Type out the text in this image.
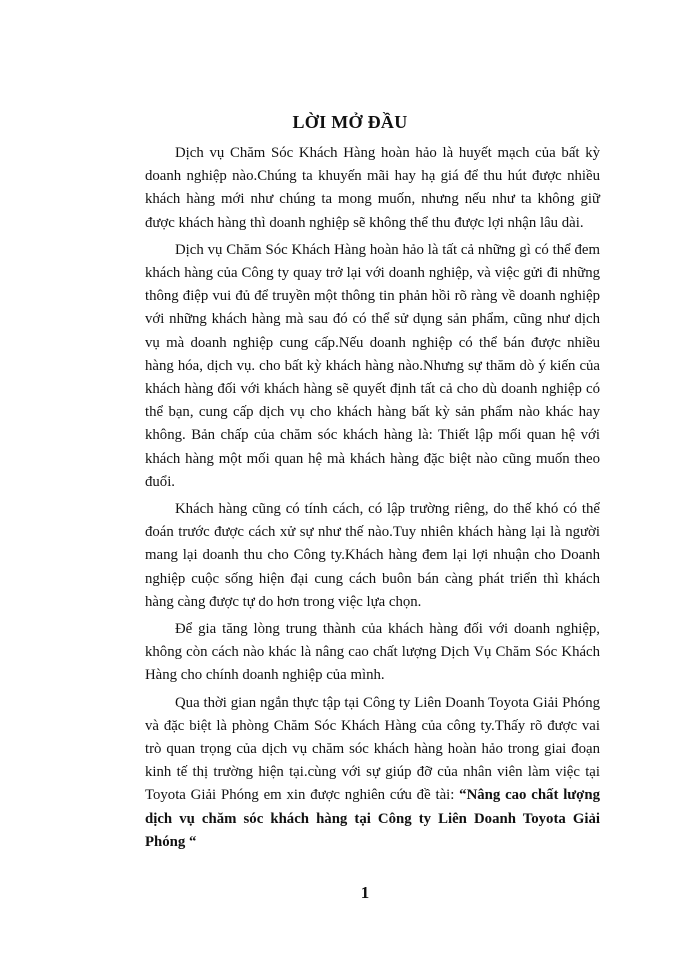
LỜI MỞ ĐẦU

Dịch vụ Chăm Sóc Khách Hàng hoàn hảo là huyết mạch của bất kỳ doanh nghiệp nào.Chúng ta khuyến mãi hay hạ giá để thu hút được nhiều khách hàng mới như chúng ta mong muốn, nhưng nếu như ta không giữ được khách hàng thì doanh nghiệp sẽ không thể thu được lợi nhận lâu dài.

Dịch vụ Chăm Sóc Khách Hàng hoàn hảo là tất cả những gì có thể đem khách hàng của Công ty quay trở lại với doanh nghiệp, và việc gửi đi những thông điệp vui đủ để truyền một thông tin phản hồi rõ ràng về doanh nghiệp với những khách hàng mà sau đó có thể sử dụng sản phẩm, cũng như dịch vụ mà doanh nghiệp cung cấp.Nếu doanh nghiệp có thể bán được nhiều hàng hóa, dịch vụ. cho bất kỳ khách hàng nào.Nhưng sự thăm dò ý kiến của khách hàng đối với khách hàng sẽ quyết định tất cả cho dù doanh nghiệp có thể bạn, cung cấp dịch vụ cho khách hàng bất kỳ sản phẩm nào khác hay không. Bản chấp của chăm sóc khách hàng là: Thiết lập mối quan hệ với khách hàng một mối quan hệ mà khách hàng đặc biệt nào cũng muốn theo đuổi.

Khách hàng cũng có tính cách, có lập trường riêng, do thế khó có thể đoán trước được cách xử sự như thế nào.Tuy nhiên khách hàng lại là người mang lại doanh thu cho Công ty.Khách hàng đem lại lợi nhuận cho Doanh nghiệp cuộc sống hiện đại cung cách buôn bán càng phát triển thì khách hàng càng được tự do hơn trong việc lựa chọn.

Để gia tăng lòng trung thành của khách hàng đối với doanh nghiệp, không còn cách nào khác là nâng cao chất lượng Dịch Vụ Chăm Sóc Khách Hàng cho chính doanh nghiệp của mình.

Qua thời gian ngắn thực tập tại Công ty Liên Doanh Toyota Giải Phóng và đặc biệt là phòng Chăm Sóc Khách Hàng của công ty.Thấy rõ được vai trò quan trọng của dịch vụ chăm sóc khách hàng hoàn hảo trong giai đoạn kinh tế thị trường hiện tại.cùng với sự giúp đỡ của nhân viên làm việc tại Toyota Giải Phóng em xin được nghiên cứu đề tài: “Nâng cao chất lượng dịch vụ chăm sóc khách hàng tại Công ty Liên Doanh Toyota Giải Phóng “

1
